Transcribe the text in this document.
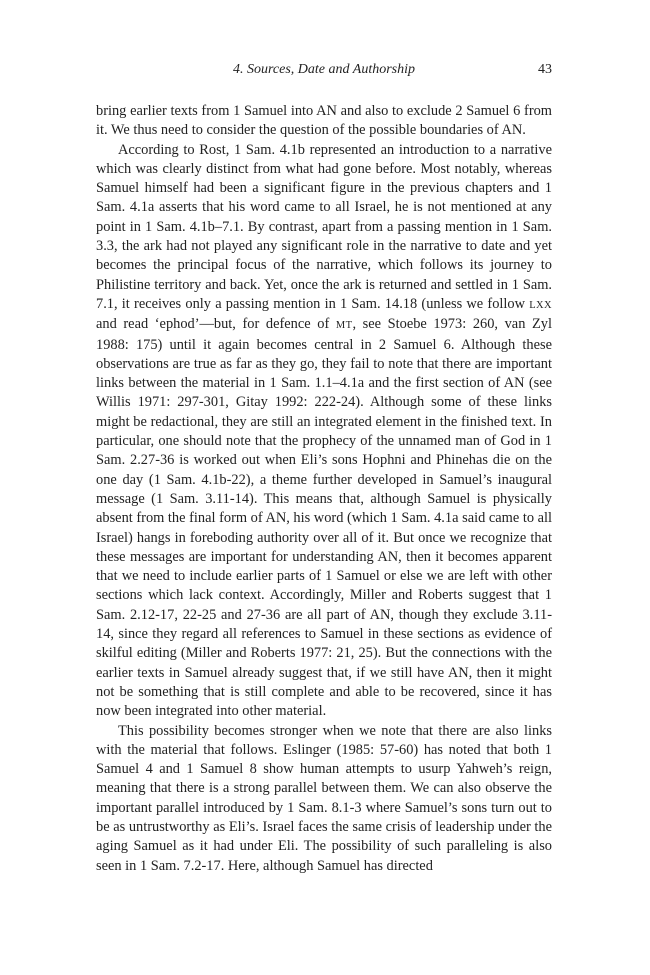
4. Sources, Date and Authorship	43

bring earlier texts from 1 Samuel into AN and also to exclude 2 Samuel 6 from it. We thus need to consider the question of the possible boundaries of AN.

According to Rost, 1 Sam. 4.1b represented an introduction to a narrative which was clearly distinct from what had gone before. Most notably, whereas Samuel himself had been a significant figure in the previous chapters and 1 Sam. 4.1a asserts that his word came to all Israel, he is not mentioned at any point in 1 Sam. 4.1b–7.1. By contrast, apart from a passing mention in 1 Sam. 3.3, the ark had not played any significant role in the narrative to date and yet becomes the principal focus of the narrative, which follows its journey to Philistine territory and back. Yet, once the ark is returned and settled in 1 Sam. 7.1, it receives only a passing mention in 1 Sam. 14.18 (unless we follow LXX and read ‘ephod’—but, for defence of MT, see Stoebe 1973: 260, van Zyl 1988: 175) until it again becomes central in 2 Samuel 6. Although these observations are true as far as they go, they fail to note that there are important links between the material in 1 Sam. 1.1–4.1a and the first section of AN (see Willis 1971: 297-301, Gitay 1992: 222-24). Although some of these links might be redactional, they are still an integrated element in the finished text. In particular, one should note that the prophecy of the unnamed man of God in 1 Sam. 2.27-36 is worked out when Eli’s sons Hophni and Phinehas die on the one day (1 Sam. 4.1b-22), a theme further developed in Samuel’s inaugural message (1 Sam. 3.11-14). This means that, although Samuel is physically absent from the final form of AN, his word (which 1 Sam. 4.1a said came to all Israel) hangs in foreboding authority over all of it. But once we recognize that these messages are important for understanding AN, then it becomes apparent that we need to include earlier parts of 1 Samuel or else we are left with other sections which lack context. Accordingly, Miller and Roberts suggest that 1 Sam. 2.12-17, 22-25 and 27-36 are all part of AN, though they exclude 3.11-14, since they regard all references to Samuel in these sections as evidence of skilful editing (Miller and Roberts 1977: 21, 25). But the connections with the earlier texts in Samuel already suggest that, if we still have AN, then it might not be something that is still complete and able to be recovered, since it has now been integrated into other material.

This possibility becomes stronger when we note that there are also links with the material that follows. Eslinger (1985: 57-60) has noted that both 1 Samuel 4 and 1 Samuel 8 show human attempts to usurp Yahweh’s reign, meaning that there is a strong parallel between them. We can also observe the important parallel introduced by 1 Sam. 8.1-3 where Samuel’s sons turn out to be as untrustworthy as Eli’s. Israel faces the same crisis of leadership under the aging Samuel as it had under Eli. The possibility of such paralleling is also seen in 1 Sam. 7.2-17. Here, although Samuel has directed
